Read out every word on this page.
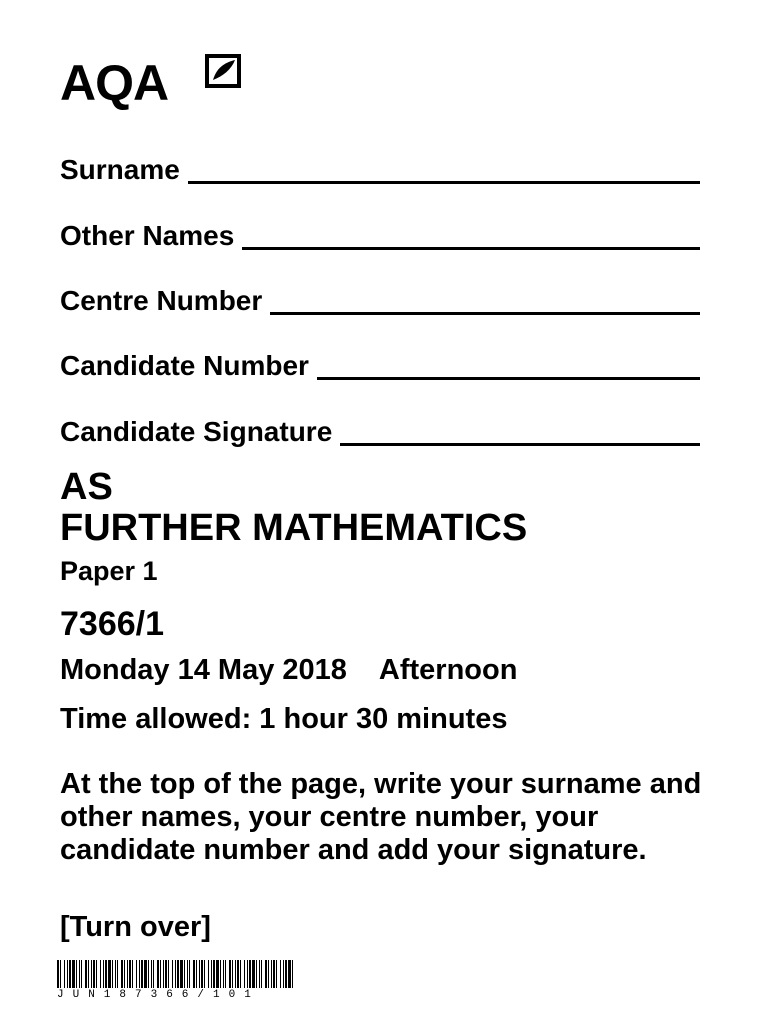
AQA
Surname
Other Names
Centre Number
Candidate Number
Candidate Signature
AS
FURTHER MATHEMATICS
Paper 1
7366/1
Monday 14 May 2018 Afternoon
Time allowed: 1 hour 30 minutes
At the top of the page, write your surname and other names, your centre number, your candidate number and add your signature.
[Turn over]
JUN187366/101
